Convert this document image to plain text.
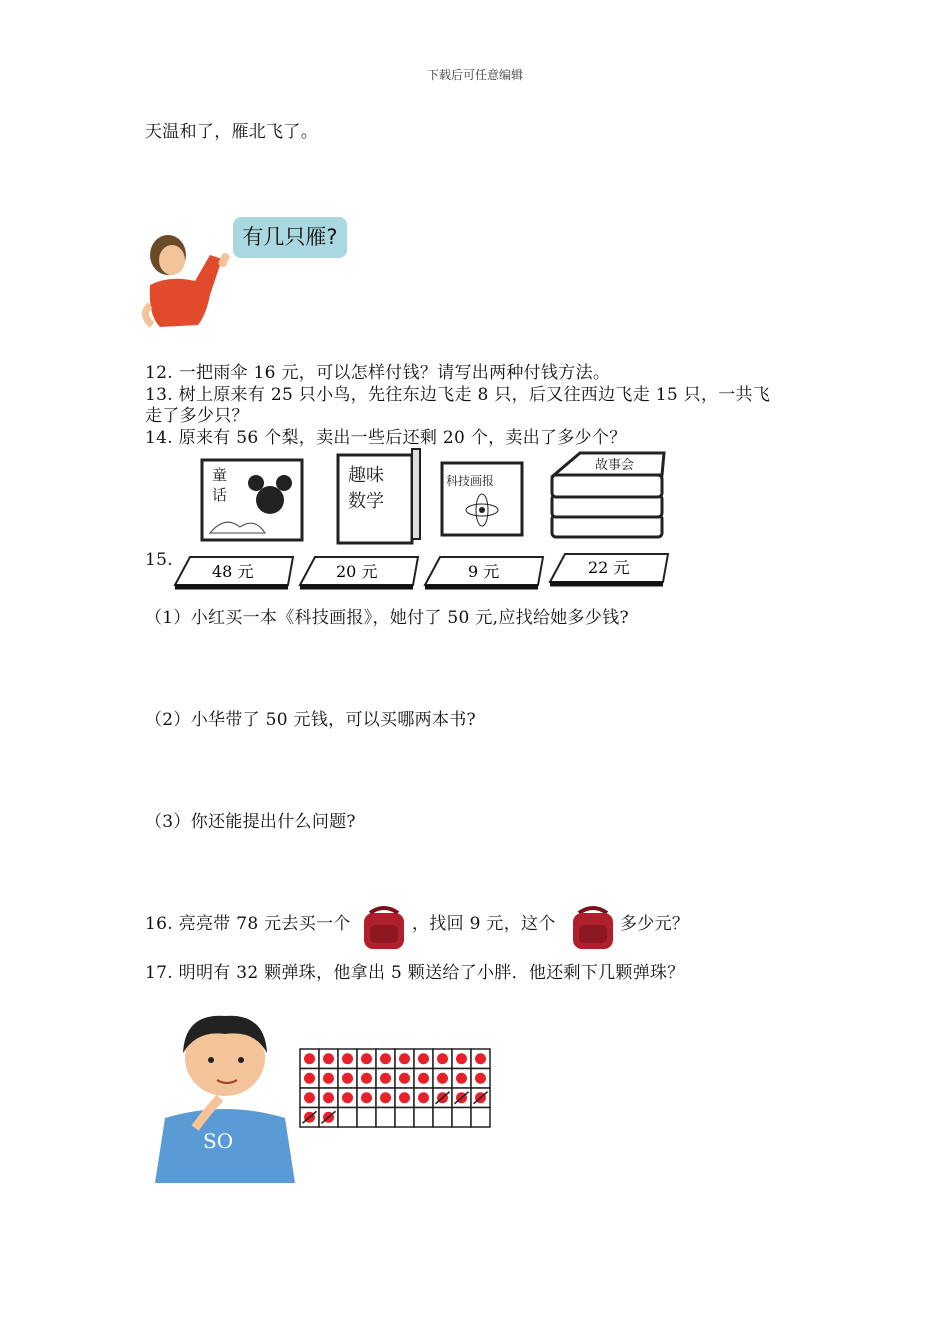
下载后可任意编辑
天温和了，雁北飞了。
有几只雁?
12. 一把雨伞 16 元，可以怎样付钱？请写出两种付钱方法。
13. 树上原来有 25 只小鸟，先往东边飞走 8 只，后又往西边飞走 15 只，一共飞
走了多少只？
14. 原来有 56 个梨，卖出一些后还剩 20 个，卖出了多少个？
童
话
趣味
数学
科技画报
故事会
48 元	20 元	9 元	22 元
15.
（1）小红买一本《科技画报》，她付了 50 元,应找给她多少钱?
（2）小华带了 50 元钱，可以买哪两本书?
（3）你还能提出什么问题?
16. 亮亮带 78 元去买一个	，找回 9 元，这个	多少元？
17. 明明有 32 颗弹珠，他拿出 5 颗送给了小胖．他还剩下几颗弹珠？
SO
